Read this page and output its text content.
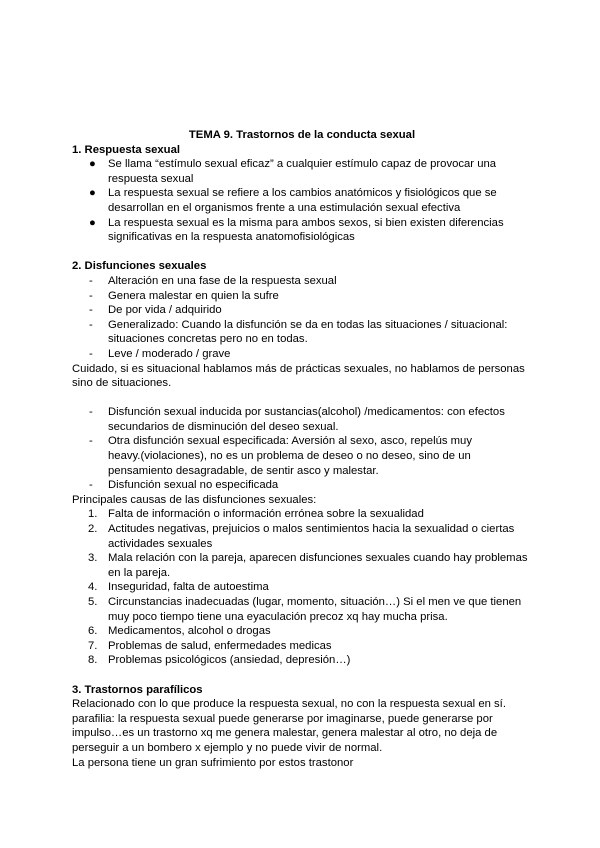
TEMA 9. Trastornos de la conducta sexual

1. Respuesta sexual
● Se llama “estímulo sexual eficaz” a cualquier estímulo capaz de provocar una
respuesta sexual
● La respuesta sexual se refiere a los cambios anatómicos y fisiológicos que se
desarrollan en el organismos frente a una estimulación sexual efectiva
● La respuesta sexual es la misma para ambos sexos, si bien existen diferencias
significativas en la respuesta anatomofisiológicas
2. Disfunciones sexuales
- Alteración en una fase de la respuesta sexual
- Genera malestar en quien la sufre
- De por vida / adquirido
- Generalizado: Cuando la disfunción se da en todas las situaciones / situacional:
situaciones concretas pero no en todas.
- Leve / moderado / grave

Cuidado, si es situacional hablamos más de prácticas sexuales, no hablamos de personas
sino de situaciones.

- Disfunción sexual inducida por sustancias(alcohol) /medicamentos: con efectos
secundarios de disminución del deseo sexual.
- Otra disfunción sexual especificada: Aversión al sexo, asco, repelús muy
heavy.(violaciones), no es un problema de deseo o no deseo, sino de un
pensamiento desagradable, de sentir asco y malestar.
- Disfunción sexual no especificada

Principales causas de las disfunciones sexuales:

1. Falta de información o información errónea sobre la sexualidad
2. Actitudes negativas, prejuicios o malos sentimientos hacia la sexualidad o ciertas
actividades sexuales
3. Mala relación con la pareja, aparecen disfunciones sexuales cuando hay problemas
en la pareja.
4. Inseguridad, falta de autoestima
5. Circunstancias inadecuadas (lugar, momento, situación…) Si el men ve que tienen
muy poco tiempo tiene una eyaculación precoz xq hay mucha prisa.
6. Medicamentos, alcohol o drogas
7. Problemas de salud, enfermedades medicas
8. Problemas psicológicos (ansiedad, depresión…)
3. Trastornos parafílicos

Relacionado con lo que produce la respuesta sexual, no con la respuesta sexual en sí.
parafilia: la respuesta sexual puede generarse por imaginarse, puede generarse por
impulso…es un trastorno xq me genera malestar, genera malestar al otro, no deja de
perseguir a un bombero x ejemplo y no puede vivir de normal.
La persona tiene un gran sufrimiento por estos trastonor
